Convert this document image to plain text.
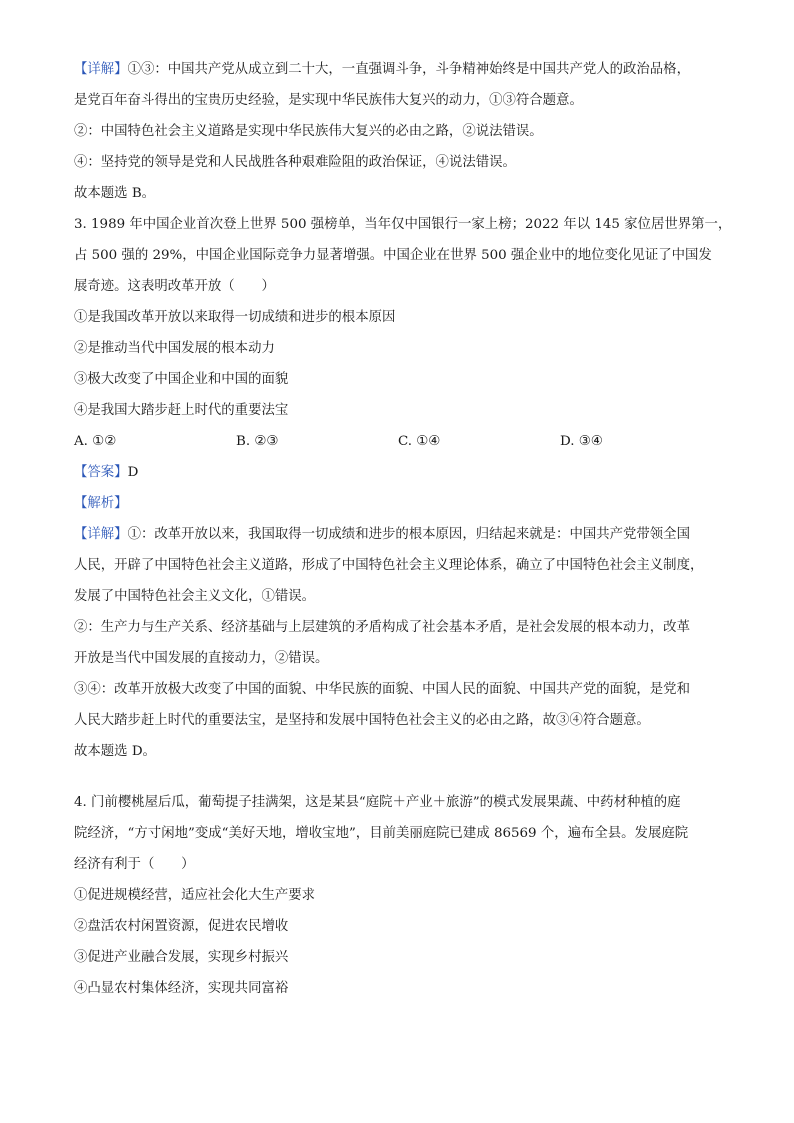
【详解】①③：中国共产党从成立到二十大，一直强调斗争，斗争精神始终是中国共产党人的政治品格，
是党百年奋斗得出的宝贵历史经验，是实现中华民族伟大复兴的动力，①③符合题意。
②：中国特色社会主义道路是实现中华民族伟大复兴的必由之路，②说法错误。
④：坚持党的领导是党和人民战胜各种艰难险阻的政治保证，④说法错误。
故本题选 B。
3. 1989 年中国企业首次登上世界 500 强榜单，当年仅中国银行一家上榜；2022 年以 145 家位居世界第一，
占 500 强的 29%，中国企业国际竞争力显著增强。中国企业在世界 500 强企业中的地位变化见证了中国发
展奇迹。这表明改革开放（　　）
①是我国改革开放以来取得一切成绩和进步的根本原因
②是推动当代中国发展的根本动力
③极大改变了中国企业和中国的面貌
④是我国大踏步赶上时代的重要法宝
A. ①②	B. ②③	C. ①④	D. ③④
【答案】D
【解析】
【详解】①：改革开放以来，我国取得一切成绩和进步的根本原因，归结起来就是：中国共产党带领全国
人民，开辟了中国特色社会主义道路，形成了中国特色社会主义理论体系，确立了中国特色社会主义制度，
发展了中国特色社会主义文化，①错误。
②：生产力与生产关系、经济基础与上层建筑的矛盾构成了社会基本矛盾，是社会发展的根本动力，改革
开放是当代中国发展的直接动力，②错误。
③④：改革开放极大改变了中国的面貌、中华民族的面貌、中国人民的面貌、中国共产党的面貌，是党和
人民大踏步赶上时代的重要法宝，是坚持和发展中国特色社会主义的必由之路，故③④符合题意。
故本题选 D。
4. 门前樱桃屋后瓜，葡萄提子挂满架，这是某县“庭院＋产业＋旅游”的模式发展果蔬、中药材种植的庭
院经济，“方寸闲地”变成“美好天地，增收宝地”，目前美丽庭院已建成 86569 个，遍布全县。发展庭院
经济有利于（　　）
①促进规模经营，适应社会化大生产要求
②盘活农村闲置资源，促进农民增收
③促进产业融合发展，实现乡村振兴
④凸显农村集体经济，实现共同富裕
